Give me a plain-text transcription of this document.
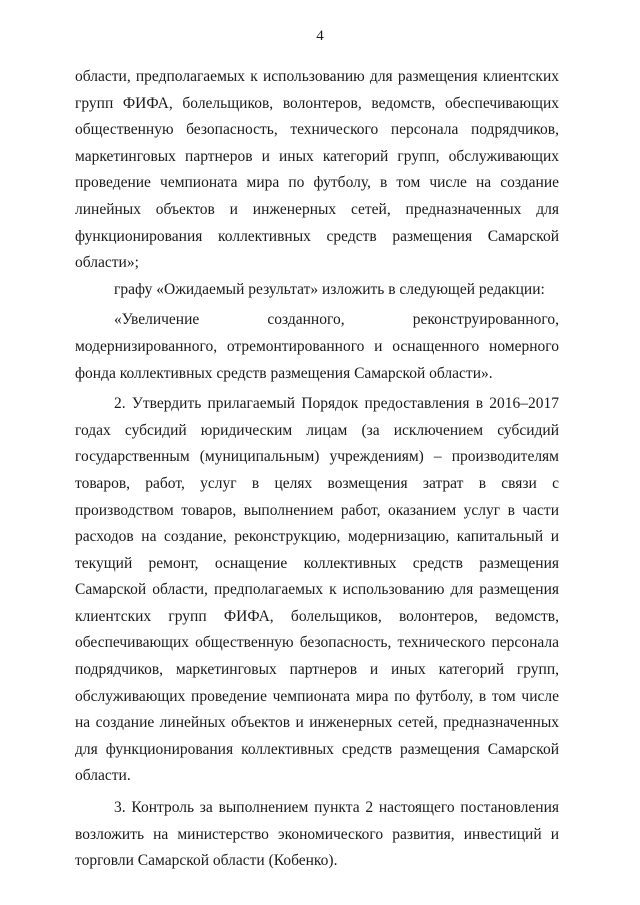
4

области, предполагаемых к использованию для размещения клиентских групп ФИФА, болельщиков, волонтеров, ведомств, обеспечивающих общественную безопасность, технического персонала подрядчиков, маркетинговых партнеров и иных категорий групп, обслуживающих проведение чемпионата мира по футболу, в том числе на создание линейных объектов и инженерных сетей, предназначенных для функционирования коллективных средств размещения Самарской области»;

графу «Ожидаемый результат» изложить в следующей редакции:

«Увеличение созданного, реконструированного, модернизированного, отремонтированного и оснащенного номерного фонда коллективных средств размещения Самарской области».

2. Утвердить прилагаемый Порядок предоставления в 2016–2017 годах субсидий юридическим лицам (за исключением субсидий государственным (муниципальным) учреждениям) – производителям товаров, работ, услуг в целях возмещения затрат в связи с производством товаров, выполнением работ, оказанием услуг в части расходов на создание, реконструкцию, модернизацию, капитальный и текущий ремонт, оснащение коллективных средств размещения Самарской области, предполагаемых к использованию для размещения клиентских групп ФИФА, болельщиков, волонтеров, ведомств, обеспечивающих общественную безопасность, технического персонала подрядчиков, маркетинговых партнеров и иных категорий групп, обслуживающих проведение чемпионата мира по футболу, в том числе на создание линейных объектов и инженерных сетей, предназначенных для функционирования коллективных средств размещения Самарской области.

3. Контроль за выполнением пункта 2 настоящего постановления возложить на министерство экономического развития, инвестиций и торговли Самарской области (Кобенко).
